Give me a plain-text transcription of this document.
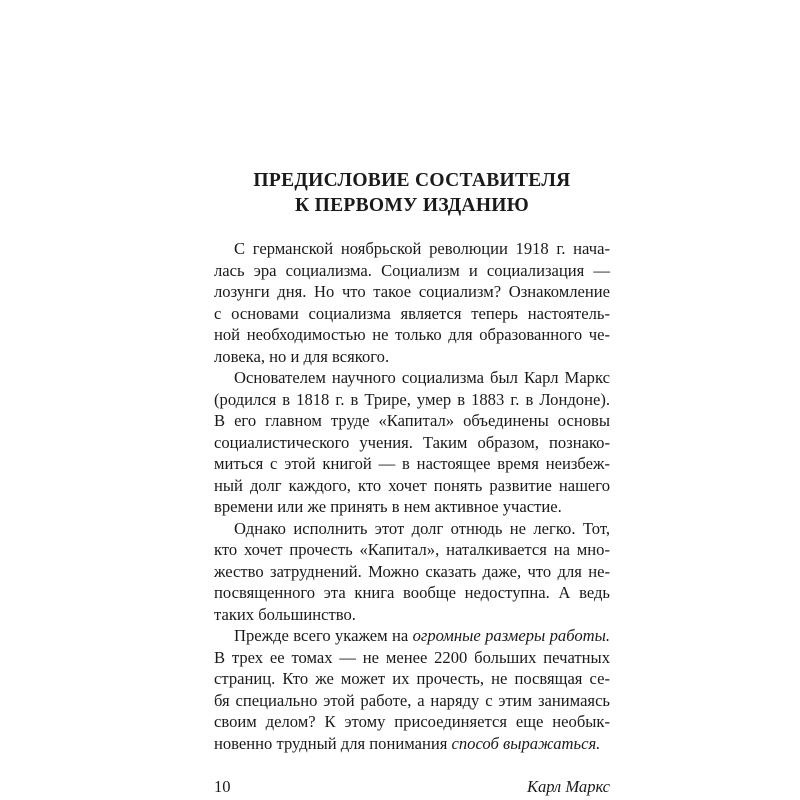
ПРЕДИСЛОВИЕ СОСТАВИТЕЛЯ
К ПЕРВОМУ ИЗДАНИЮ
С германской ноябрьской революции 1918 г. нача-
лась эра социализма. Социализм и социализация —
лозунги дня. Но что такое социализм? Ознакомление
с основами социализма является теперь настоятель-
ной необходимостью не только для образованного че-
ловека, но и для всякого.
Основателем научного социализма был Карл Маркс
(родился в 1818 г. в Трире, умер в 1883 г. в Лондоне).
В его главном труде «Капитал» объединены основы
социалистического учения. Таким образом, познако-
миться с этой книгой — в настоящее время неизбеж-
ный долг каждого, кто хочет понять развитие нашего
времени или же принять в нем активное участие.
Однако исполнить этот долг отнюдь не легко. Тот,
кто хочет прочесть «Капитал», наталкивается на мно-
жество затруднений. Можно сказать даже, что для не-
посвященного эта книга вообще недоступна. А ведь
таких большинство.
Прежде всего укажем на огромные размеры работы.
В трех ее томах — не менее 2200 больших печатных
страниц. Кто же может их прочесть, не посвящая се-
бя специально этой работе, а наряду с этим занимаясь
своим делом? К этому присоединяется еще необык-
новенно трудный для понимания способ выражаться.
10	Карл Маркс
